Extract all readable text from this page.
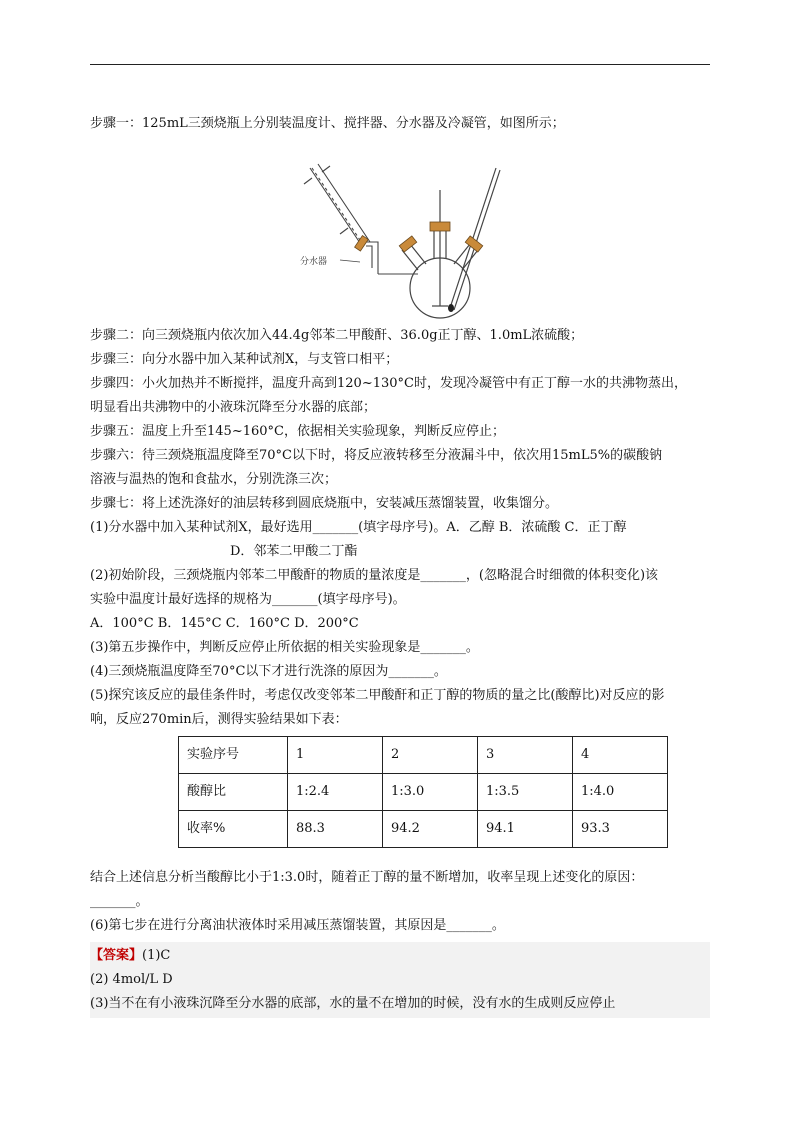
步骤一：125mL三颈烧瓶上分别装温度计、搅拌器、分水器及冷凝管，如图所示；
分水器
步骤二：向三颈烧瓶内依次加入44.4g邻苯二甲酸酐、36.0g正丁醇、1.0mL浓硫酸；
步骤三：向分水器中加入某种试剂X，与支管口相平；
步骤四：小火加热并不断搅拌，温度升高到120~130°C时，发现冷凝管中有正丁醇一水的共沸物蒸出，
明显看出共沸物中的小液珠沉降至分水器的底部；
步骤五：温度上升至145~160°C，依据相关实验现象，判断反应停止；
步骤六：待三颈烧瓶温度降至70°C以下时，将反应液转移至分液漏斗中，依次用15mL5%的碳酸钠
溶液与温热的饱和食盐水，分别洗涤三次；
步骤七：将上述洗涤好的油层转移到圆底烧瓶中，安装减压蒸馏装置，收集馏分。
(1)分水器中加入某种试剂X，最好选用_______(填字母序号)。A．乙醇 B．浓硫酸 C．正丁醇
D．邻苯二甲酸二丁酯
(2)初始阶段，三颈烧瓶内邻苯二甲酸酐的物质的量浓度是_______，(忽略混合时细微的体积变化)该
实验中温度计最好选择的规格为_______(填字母序号)。
A．100°C B．145°C C．160°C D．200°C
(3)第五步操作中，判断反应停止所依据的相关实验现象是_______。
(4)三颈烧瓶温度降至70°C以下才进行洗涤的原因为_______。
(5)探究该反应的最佳条件时，考虑仅改变邻苯二甲酸酐和正丁醇的物质的量之比(酸醇比)对反应的影
响，反应270min后，测得实验结果如下表：
实验序号	1	2	3	4
酸醇比	1:2.4	1:3.0	1:3.5	1:4.0
收率%	88.3	94.2	94.1	93.3
结合上述信息分析当酸醇比小于1:3.0时，随着正丁醇的量不断增加，收率呈现上述变化的原因：
_______。
(6)第七步在进行分离油状液体时采用减压蒸馏装置，其原因是_______。
【答案】(1)C
(2) 4mol/L D
(3)当不在有小液珠沉降至分水器的底部，水的量不在增加的时候，没有水的生成则反应停止
